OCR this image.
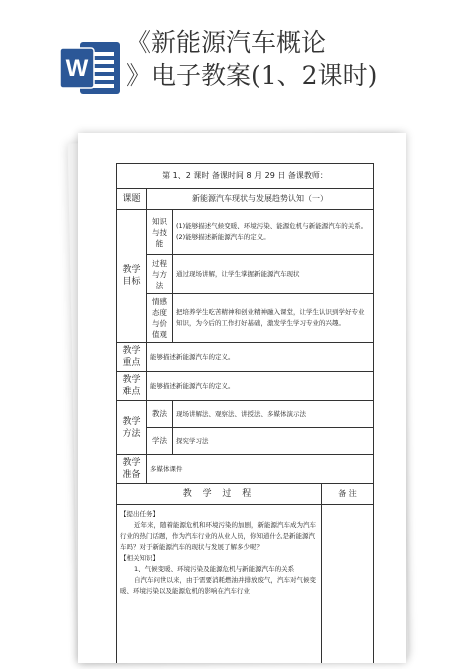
W
《新能源汽车概论
》电子教案(1、2课时)
第 1、2 课时 备课时间 8 月 29 日 备课教师：		
课题	新能源汽车现状与发展趋势认知（一）	
教学目标	知识与技能	(1)能够描述气候变暖、环境污染、能源危机与新能源汽车的关系。
(2)能够描述新能源汽车的定义。
	过程与方法	通过现场讲解，让学生掌握新能源汽车现状
	情感态度与价值观	把培养学生吃苦精神和创业精神融入课堂，让学生认识到学好专业知识，为今后的工作打好基础，激发学生学习专业的兴趣。
教学重点	能够描述新能源汽车的定义。	
教学难点	能够描述新能源汽车的定义。	
教学方法	教法	现场讲解法、观察法、讲授法、多媒体演示法
	学法	探究学习法
教学准备	多媒体课件	
教 学 过 程	备 注

【提出任务】
近年来，随着能源危机和环境污染的加剧，新能源汽车成为汽车行业的热门话题，作为汽车行业的从业人员，你知道什么是新能源汽车吗？对于新能源汽车的现状与发展了解多少呢？
【相关知识】
1、气候变暖、环境污染及能源危机与新能源汽车的关系
自汽车问世以来，由于需要消耗燃油并排放废气，汽车对气候变暖、环境污染以及能源危机的影响在汽车行业	
